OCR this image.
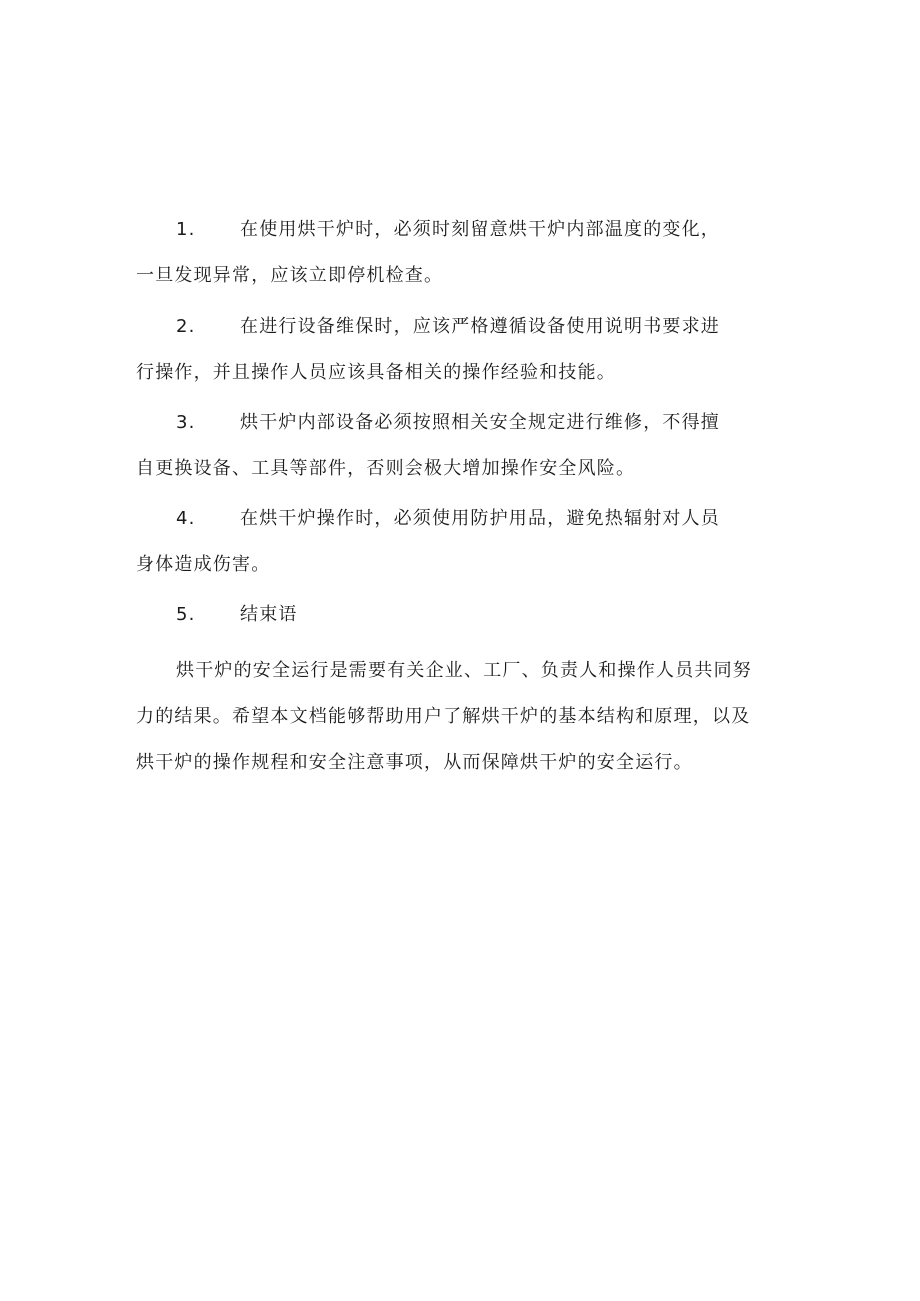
1. 在使用烘干炉时，必须时刻留意烘干炉内部温度的变化，
一旦发现异常，应该立即停机检查。
2. 在进行设备维保时，应该严格遵循设备使用说明书要求进
行操作，并且操作人员应该具备相关的操作经验和技能。
3. 烘干炉内部设备必须按照相关安全规定进行维修，不得擅
自更换设备、工具等部件，否则会极大增加操作安全风险。
4. 在烘干炉操作时，必须使用防护用品，避免热辐射对人员
身体造成伤害。
5. 结束语
烘干炉的安全运行是需要有关企业、工厂、负责人和操作人员共同努
力的结果。希望本文档能够帮助用户了解烘干炉的基本结构和原理，以及
烘干炉的操作规程和安全注意事项，从而保障烘干炉的安全运行。
